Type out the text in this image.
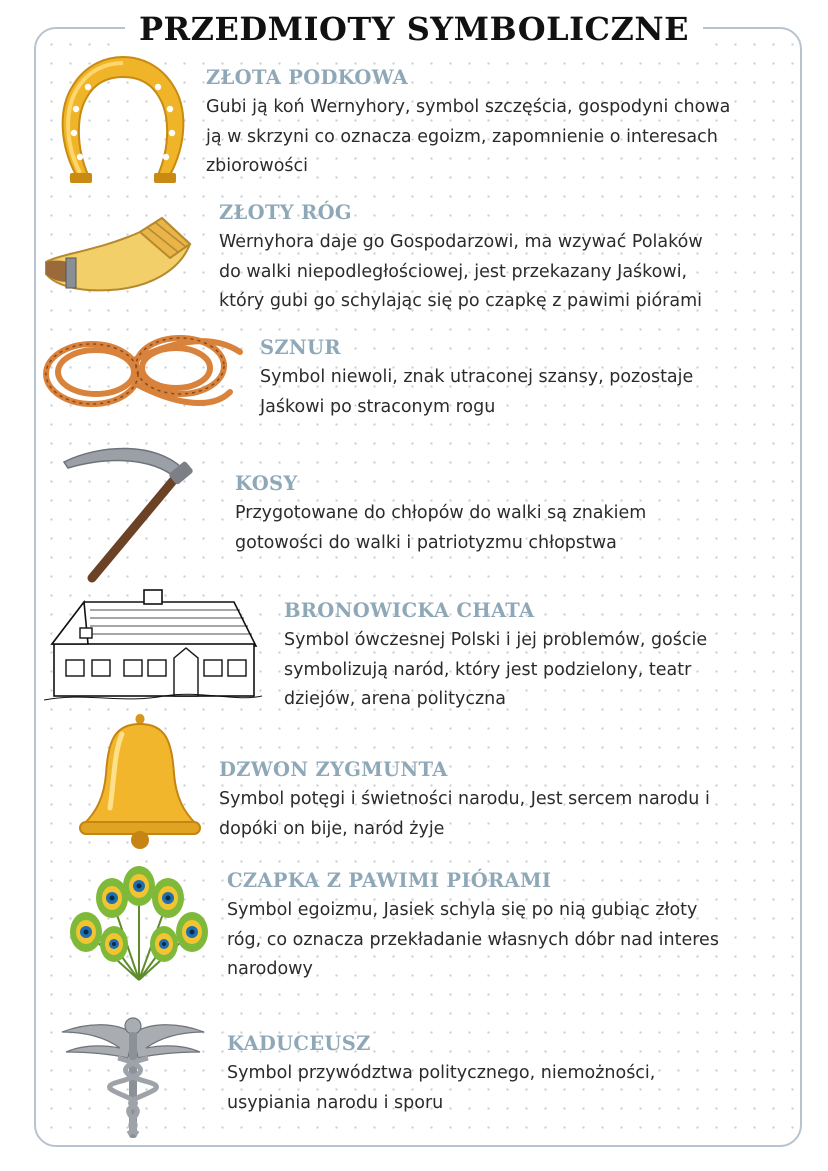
PRZEDMIOTY SYMBOLICZNE
ZŁOTA PODKOWA

Gubi ją koń Wernyhory, symbol szczęścia, gospodyni chowa
ją w skrzyni co oznacza egoizm, zapomnienie o interesach
zbiorowości

ZŁOTY RÓG

Wernyhora daje go Gospodarzowi, ma wzywać Polaków
do walki niepodległościowej, jest przekazany Jaśkowi,
który gubi go schylając się po czapkę z pawimi piórami

SZNUR

Symbol niewoli, znak utraconej szansy, pozostaje
Jaśkowi po straconym rogu

KOSY

Przygotowane do chłopów do walki są znakiem
gotowości do walki i patriotyzmu chłopstwa

BRONOWICKA CHATA

Symbol ówczesnej Polski i jej problemów, goście
symbolizują naród, który jest podzielony, teatr
dziejów, arena polityczna

DZWON ZYGMUNTA

Symbol potęgi i świetności narodu, Jest sercem narodu i
dopóki on bije, naród żyje

CZAPKA Z PAWIMI PIÓRAMI

Symbol egoizmu, Jasiek schyla się po nią gubiąc złoty
róg, co oznacza przekładanie własnych dóbr nad interes
narodowy

KADUCEUSZ

Symbol przywództwa politycznego, niemożności,
usypiania narodu i sporu
